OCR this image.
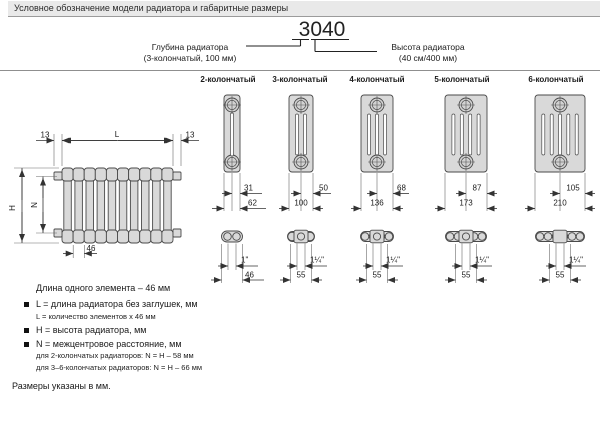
Условное обозначение модели радиатора и габаритные размеры
Глубина радиатора
(3-колончатый, 100 мм)
Высота радиатора
(40 см/400 мм)
3040
13	L	13
H
N
46
2-колончатый
31
62
1"
46
3-колончатый
50
100
1¼"
55
4-колончатый
68
136
1¼"
55
5-колончатый
87
173
1¼"
55
6-колончатый
105
210
1¼"
55
Длина одного элемента – 46 мм
L = длина радиатора без заглушек, мм
L = количество элементов x 46 мм
H = высота радиатора, мм
N = межцентровое расстояние, мм
для 2-колончатых радиаторов: N = H – 58 мм
для 3–6-колончатых радиаторов: N = H – 66 мм
Размеры указаны в мм.
